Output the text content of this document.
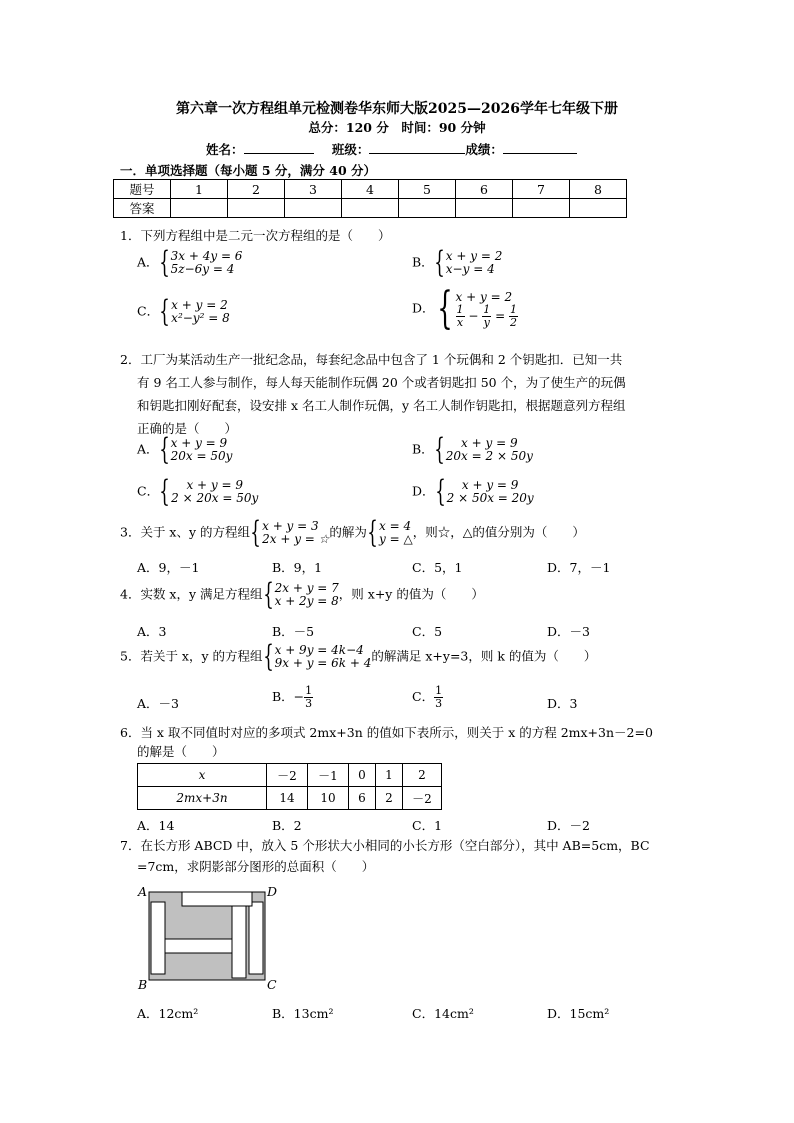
第六章一次方程组单元检测卷华东师大版2025—2026学年七年级下册
总分：120 分　时间：90 分钟
姓名：	班级：	成绩：
一．单项选择题（每小题 5 分，满分 40 分）
题号	1	2	3	4	5	6	7	8
答案								
1．下列方程组中是二元一次方程组的是（　　）
A． { 3x + 4y = 6
5z−6y = 4	B． { x + y = 2
x−y = 4
C． { x + y = 2
x²−y² = 8
D． { x + y = 2
$\frac{1}{x} - \frac{1}{y} = \frac{1}{2}$
2．工厂为某活动生产一批纪念品，每套纪念品中包含了 1 个玩偶和 2 个钥匙扣．已知一共
有 9 名工人参与制作，每人每天能制作玩偶 20 个或者钥匙扣 50 个，为了使生产的玩偶
和钥匙扣刚好配套，设安排 x 名工人制作玩偶，y 名工人制作钥匙扣，根据题意列方程组
正确的是（　　）
A． { x + y = 9
20x = 50y	B． { x + y = 9
20x = 2 × 50y
C． { x + y = 9
2 × 20x = 50y	D． { x + y = 9
2 × 50x = 20y
3．关于 x、y 的方程组 { x + y = 3
2x + y = ☆ 的解为 { x = 4
y = △ ，则☆，△的值分别为（　　）
A．9，－1	B．9，1	C．5，1	D．7，－1
4．实数 x，y 满足方程组 { 2x + y = 7
x + 2y = 8 ，则 x+y 的值为（　　）
A．3	B．－5	C．5	D．－3
5．若关于 x，y 的方程组 { x + 9y = 4k−4
9x + y = 6k + 4 的解满足 x+y=3，则 k 的值为（　　）
A．－3	B．− $\frac{1}{3}$	C． $\frac{1}{3}$	D．3
6．当 x 取不同值时对应的多项式 2mx+3n 的值如下表所示，则关于 x 的方程 2mx+3n－2=0
的解是（　　）
x	－2	－1	0	1	2
2mx+3n	14	10	6	2	－2
A．14	B．2	C．1	D．－2
7．在长方形 ABCD 中，放入 5 个形状大小相同的小长方形（空白部分），其中 AB=5cm，BC
=7cm，求阴影部分图形的总面积（　　）
A	D
B	C
A．12cm²	B．13cm²	C．14cm²	D．15cm²
